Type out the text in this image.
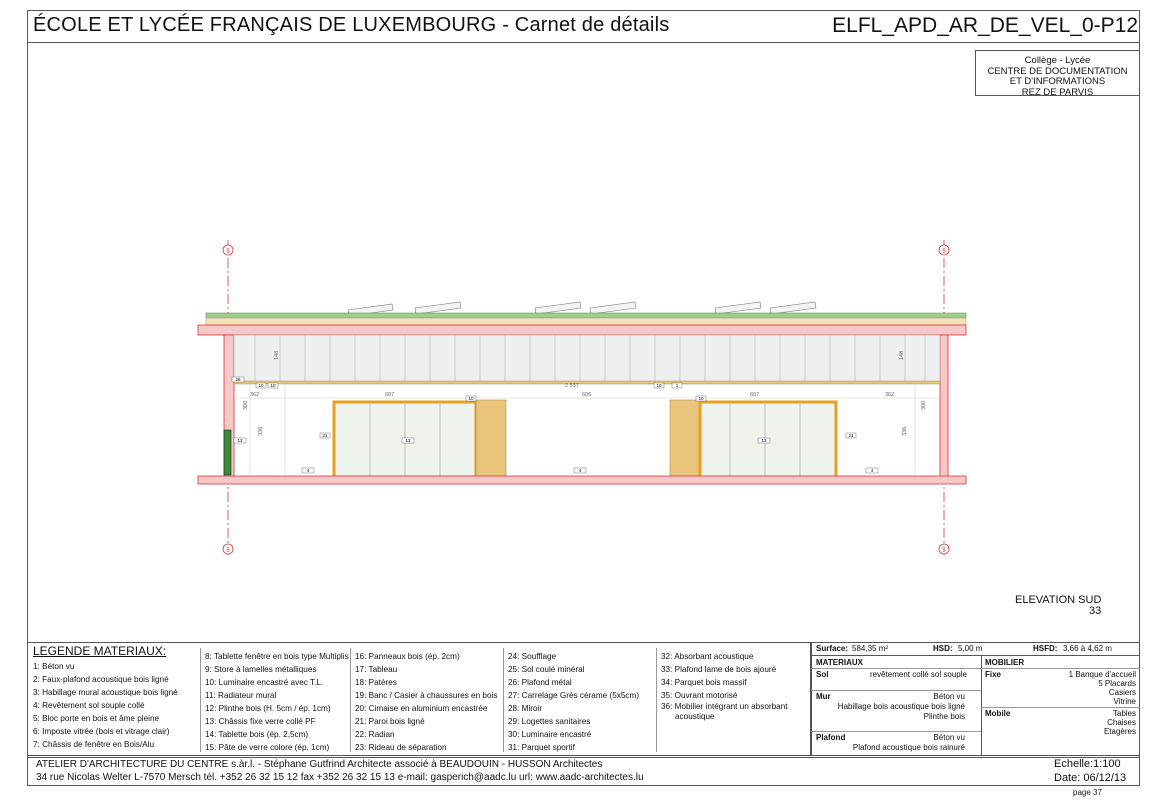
ÉCOLE ET LYCÉE FRANÇAIS DE LUXEMBOURG - Carnet de détails	ELFL_APD_AR_DE_VEL_0-P12
Collège - Lycée
CENTRE DE DOCUMENTATION
ET D'INFORMATIONS
REZ DE PARVIS
5	5
5	5
148	148
362	607
2 537
606	607	362
300	300
336	336
4	4	4
13	13
13
21	21
28
10
10
10
10
1
10
ELEVATION SUD
33
LEGENDE MATERIAUX:
1: Béton vu
2: Faux-plafond acoustique bois ligné
3: Habillage mural acoustique bois ligné
4: Revêtement sol souple collé
5: Bloc porte en bois et âme pleine
6: Imposte vitrée (bois et vitrage clair)
7: Châssis de fenêtre en Bois/Alu
8: Tablette fenêtre en bois type Multiplis
9: Store à lamelles métalliques
10: Luminaire encastré avec T.L.
11: Radiateur mural
12: Plinthe bois (H. 5cm / ép. 1cm)
13: Châssis fixe verre collé PF
14: Tablette bois (ép. 2,5cm)
15: Pâte de verre colore (ép. 1cm)
16: Panneaux bois (ép. 2cm)
17: Tableau
18: Patères
19: Banc / Casier à chaussures en bois
20: Cimaise en aluminium encastrée
21: Paroi bois ligné
22: Radian
23: Rideau de séparation
24: Soufflage
25: Sol coulé minéral
26: Plafond métal
27: Carrelage Grès cérame (5x5cm)
28: Miroir
29: Logettes sanitaires
30: Luminaire encastré
31: Parquet sportif
32: Absorbant acoustique
33: Plafond lame de bois ajouré
34: Parquet bois massif
35: Ouvrant motorisé
36: Mobilier intégrant un absorbant
acoustique
Surface: 584,35 m²	HSD: 5,00 m	HSFD: 3,66 à 4,62 m
MATERIAUX	MOBILIER
Sol	revêtement collé sol souple
Mur	Béton vu
Habillage bois acoustique bois ligné
Plinthe bois
Plafond	Béton vu
Plafond acoustique bois rainuré
Fixe	1 Banque d'accueil
5 Placards
Casiers
Vitrine
Mobile	Tables
Chaises
Etagères
ATELIER D'ARCHITECTURE DU CENTRE s.àr.l. - Stéphane Gutfrind Architecte associé à BEAUDOUIN - HUSSON Architectes
34 rue Nicolas Welter L-7570 Mersch tél. +352 26 32 15 12 fax +352 26 32 15 13 e-mail: gasperich@aadc.lu url: www.aadc-architectes.lu
Echelle:1:100
Date: 06/12/13
page 37
